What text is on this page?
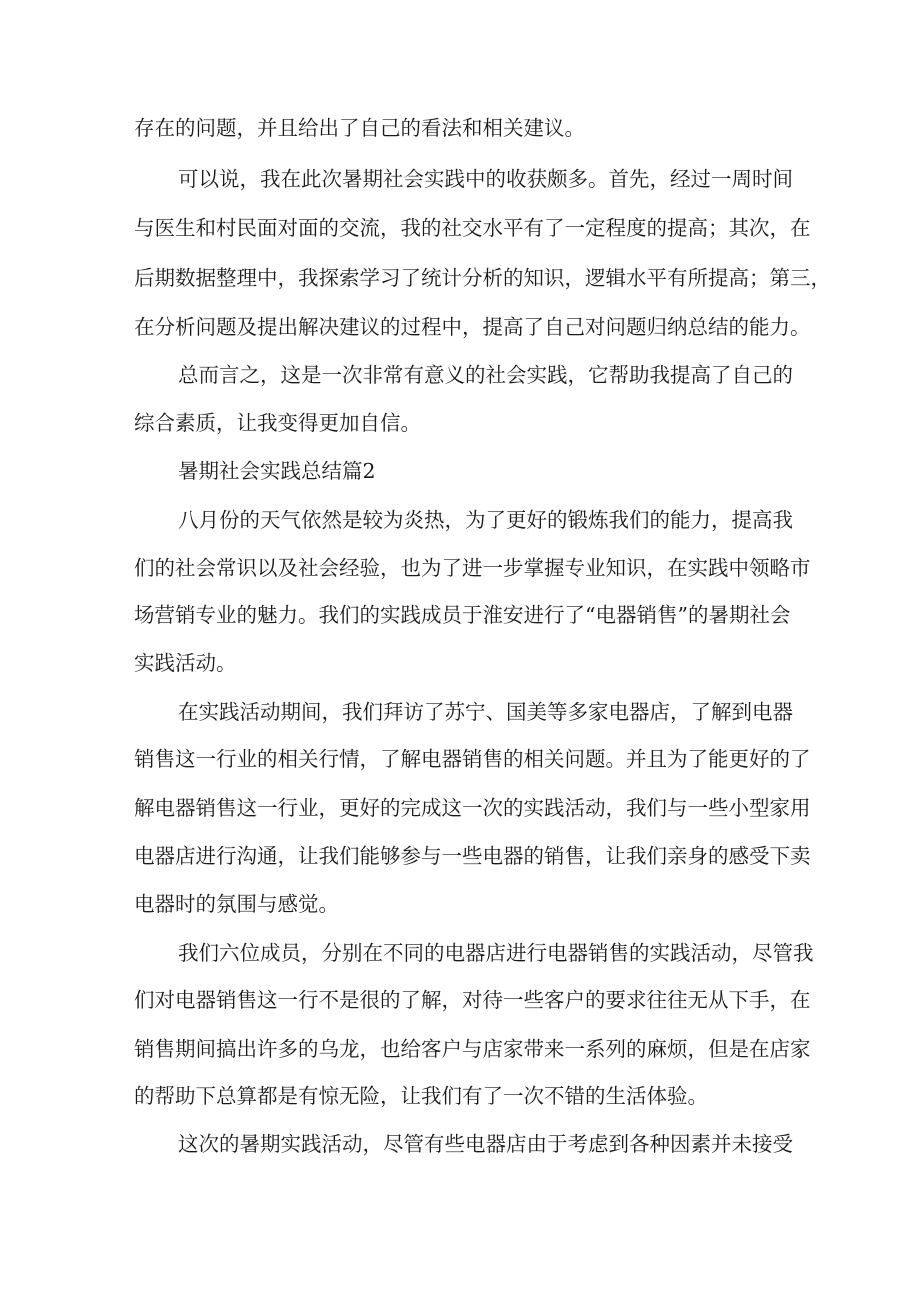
存在的问题，并且给出了自己的看法和相关建议。
可以说，我在此次暑期社会实践中的收获颇多。首先，经过一周时间
与医生和村民面对面的交流，我的社交水平有了一定程度的提高；其次，在
后期数据整理中，我探索学习了统计分析的知识，逻辑水平有所提高；第三，
在分析问题及提出解决建议的过程中，提高了自己对问题归纳总结的能力。
总而言之，这是一次非常有意义的社会实践，它帮助我提高了自己的
综合素质，让我变得更加自信。
暑期社会实践总结篇2
八月份的天气依然是较为炎热，为了更好的锻炼我们的能力，提高我
们的社会常识以及社会经验，也为了进一步掌握专业知识，在实践中领略市
场营销专业的魅力。我们的实践成员于淮安进行了“电器销售”的暑期社会
实践活动。
在实践活动期间，我们拜访了苏宁、国美等多家电器店，了解到电器
销售这一行业的相关行情，了解电器销售的相关问题。并且为了能更好的了
解电器销售这一行业，更好的完成这一次的实践活动，我们与一些小型家用
电器店进行沟通，让我们能够参与一些电器的销售，让我们亲身的感受下卖
电器时的氛围与感觉。
我们六位成员，分别在不同的电器店进行电器销售的实践活动，尽管我
们对电器销售这一行不是很的了解，对待一些客户的要求往往无从下手，在
销售期间搞出许多的乌龙，也给客户与店家带来一系列的麻烦，但是在店家
的帮助下总算都是有惊无险，让我们有了一次不错的生活体验。
这次的暑期实践活动，尽管有些电器店由于考虑到各种因素并未接受
